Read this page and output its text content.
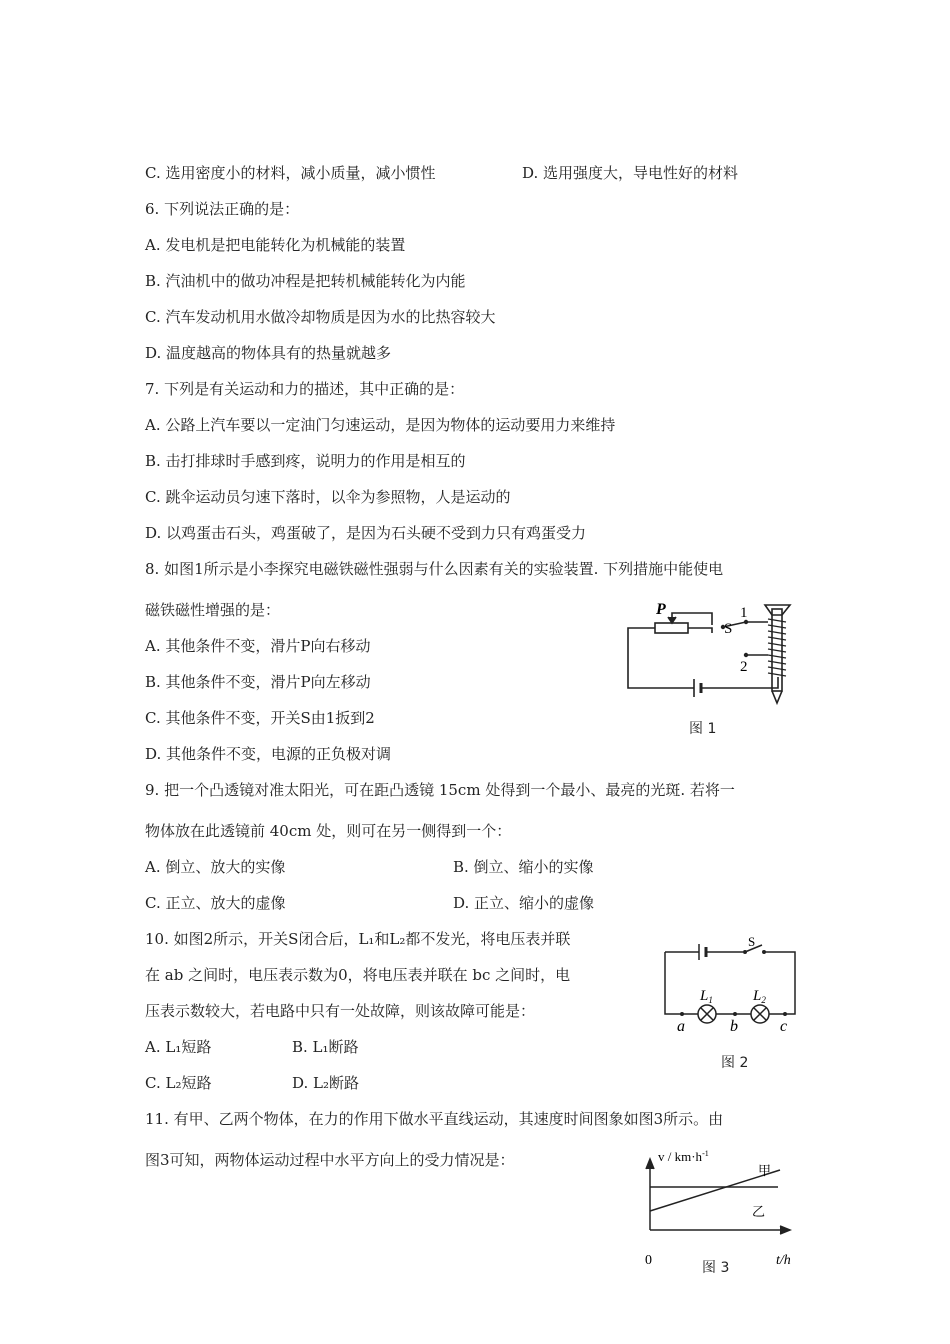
C. 选用密度小的材料，减小质量，减小惯性	D. 选用强度大，导电性好的材料
6. 下列说法正确的是：
A. 发电机是把电能转化为机械能的装置
B. 汽油机中的做功冲程是把转机械能转化为内能
C. 汽车发动机用水做冷却物质是因为水的比热容较大
D. 温度越高的物体具有的热量就越多
7. 下列是有关运动和力的描述，其中正确的是：
A. 公路上汽车要以一定油门匀速运动，是因为物体的运动要用力来维持
B. 击打排球时手感到疼，说明力的作用是相互的
C. 跳伞运动员匀速下落时，以伞为参照物，人是运动的
D. 以鸡蛋击石头，鸡蛋破了，是因为石头硬不受到力只有鸡蛋受力
8. 如图1所示是小李探究电磁铁磁性强弱与什么因素有关的实验装置. 下列措施中能使电
磁铁磁性增强的是：
A. 其他条件不变，滑片P向右移动
B. 其他条件不变，滑片P向左移动
C. 其他条件不变，开关S由1扳到2
D. 其他条件不变，电源的正负极对调
9. 把一个凸透镜对准太阳光，可在距凸透镜 15cm 处得到一个最小、最亮的光斑. 若将一
物体放在此透镜前 40cm 处，则可在另一侧得到一个：
A. 倒立、放大的实像	B. 倒立、缩小的实像
C. 正立、放大的虚像	D. 正立、缩小的虚像
10. 如图2所示，开关S闭合后，L₁和L₂都不发光，将电压表并联
在 ab 之间时，电压表示数为0，将电压表并联在 bc 之间时，电
压表示数较大，若电路中只有一处故障，则该故障可能是：
A. L₁短路	B. L₁断路
C. L₂短路	D. L₂断路
11. 有甲、乙两个物体，在力的作用下做水平直线运动，其速度时间图象如图3所示。由
图3可知，两物体运动过程中水平方向上的受力情况是：
P
S
1
2
图 1
S
$L_1$	$L_2$
a	b	c
图 2
$v / km\cdot h^{-1}$
甲
乙
0	t/h
图 3
